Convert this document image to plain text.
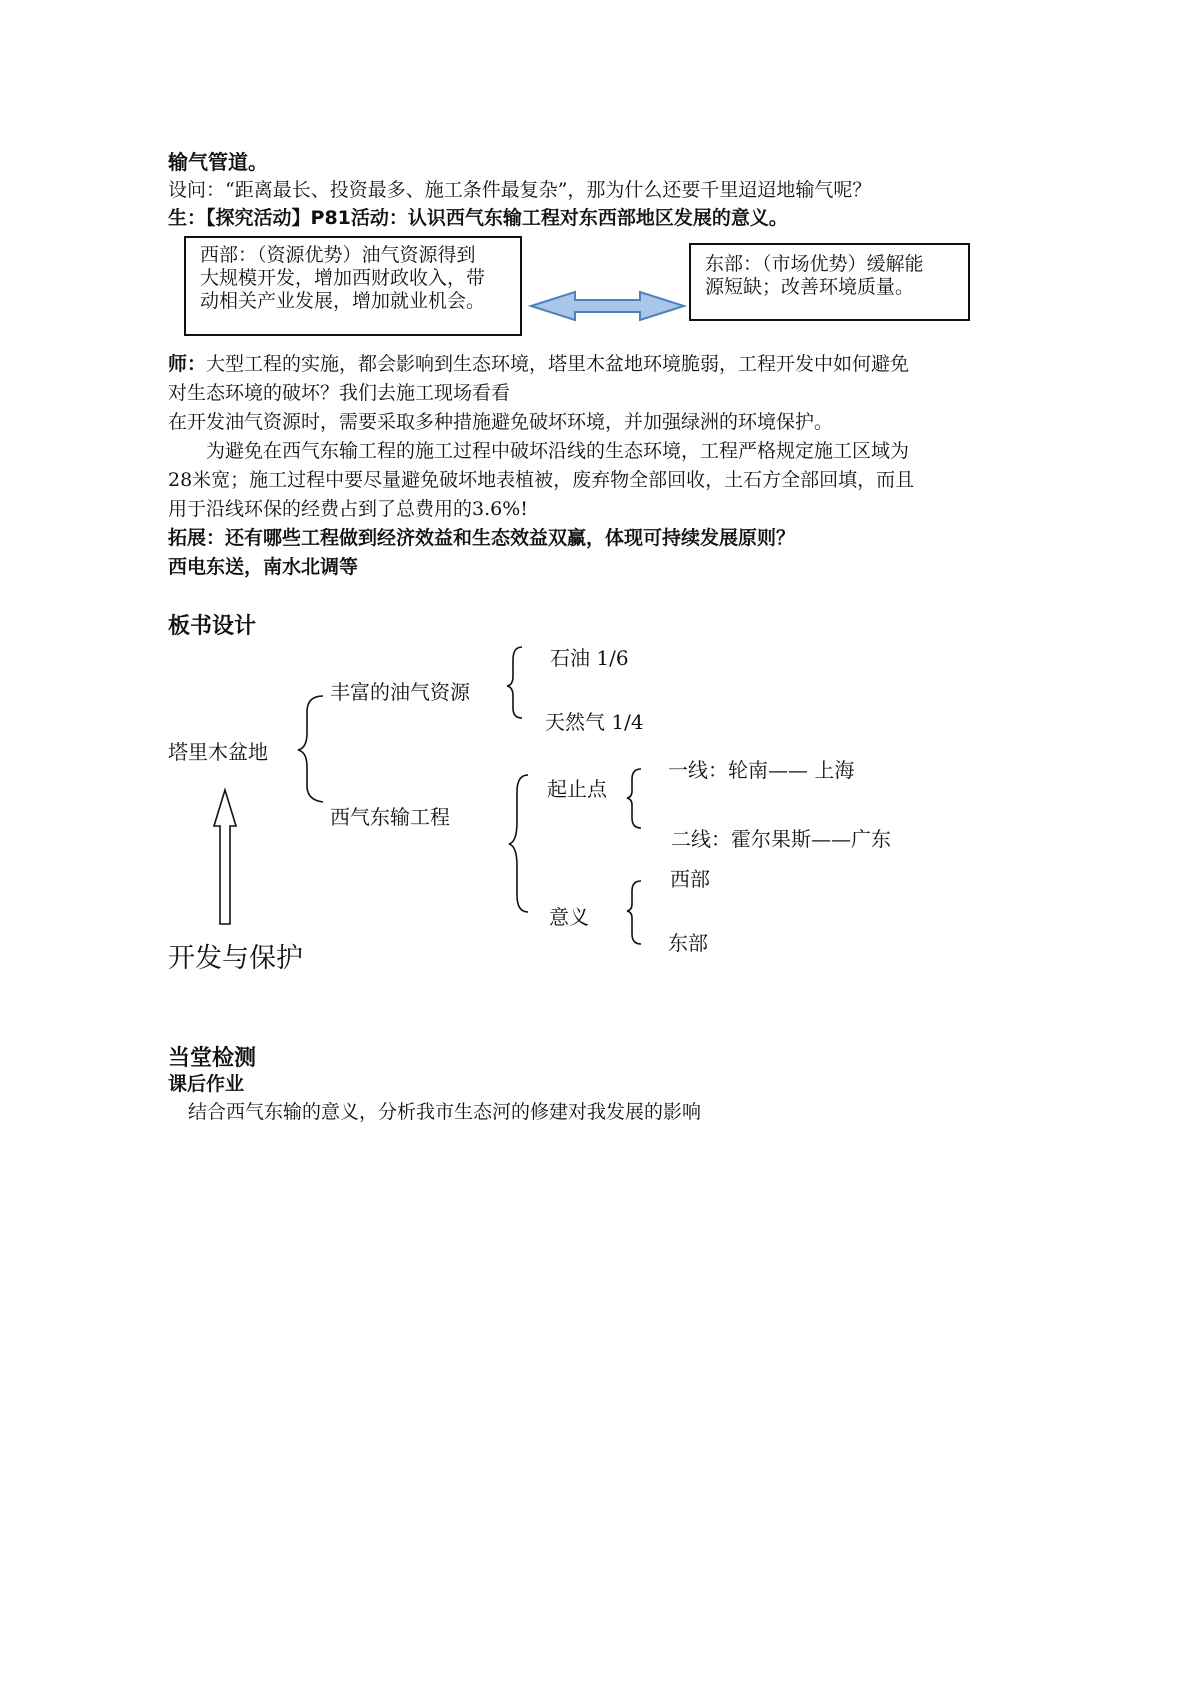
输气管道。
设问：“距离最长、投资最多、施工条件最复杂”，那为什么还要千里迢迢地输气呢？
生：【探究活动】P81活动：认识西气东输工程对东西部地区发展的意义。
西部：（资源优势）油气资源得到
大规模开发，增加西财政收入，带
动相关产业发展，增加就业机会。
东部：（市场优势）缓解能
源短缺；改善环境质量。
师：大型工程的实施，都会影响到生态环境，塔里木盆地环境脆弱，工程开发中如何避免
对生态环境的破坏？我们去施工现场看看
在开发油气资源时，需要采取多种措施避免破坏环境，并加强绿洲的环境保护。
为避免在西气东输工程的施工过程中破坏沿线的生态环境，工程严格规定施工区域为
28米宽；施工过程中要尽量避免破坏地表植被，废弃物全部回收，土石方全部回填，而且
用于沿线环保的经费占到了总费用的3.6%!
拓展：还有哪些工程做到经济效益和生态效益双赢，体现可持续发展原则？
西电东送，南水北调等
板书设计
塔里木盆地
开发与保护
丰富的油气资源
石油 1/6
天然气 1/4
西气东输工程
起止点
一线：轮南—— 上海
二线：霍尔果斯——广东
意义
西部
东部
当堂检测
课后作业
结合西气东输的意义，分析我市生态河的修建对我发展的影响
